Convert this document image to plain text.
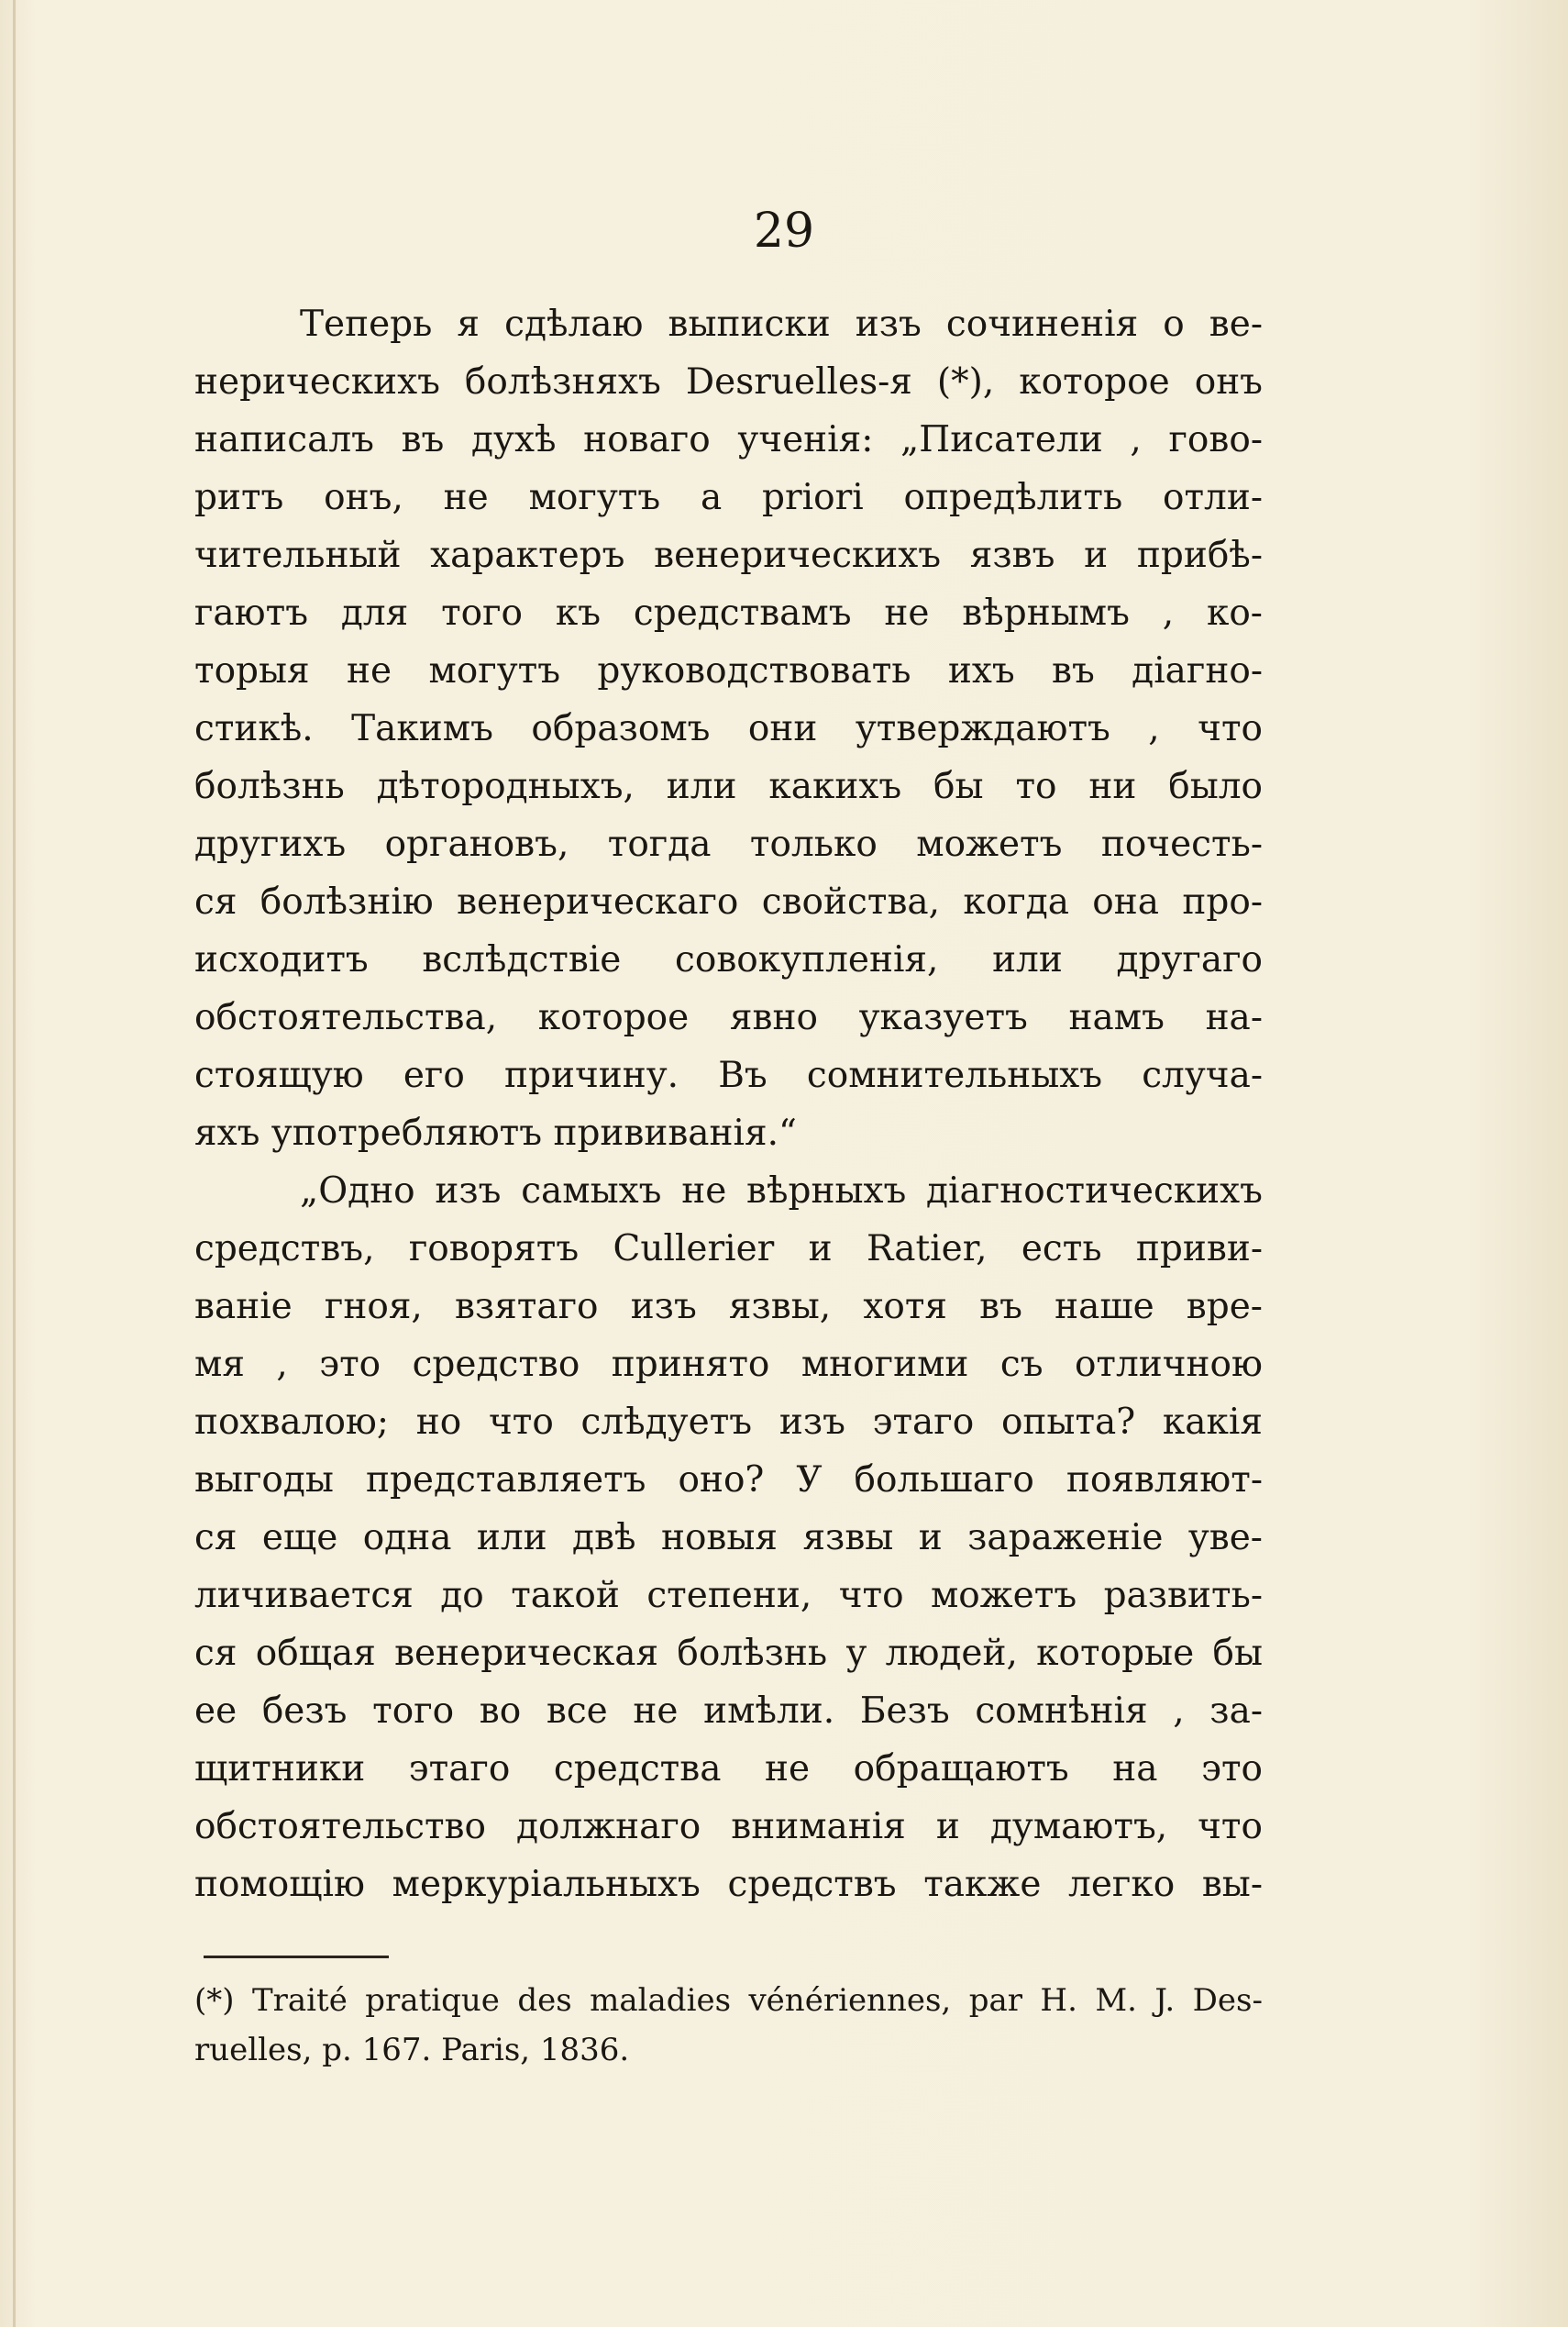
29
Теперь я сдѣлаю выписки изъ сочиненія о ве-
нерическихъ болѣзняхъ Desruelles-я (*), которое онъ
написалъ въ духѣ новаго ученія: „Писатели , гово-
ритъ онъ, не могутъ a priori опредѣлить отли-
чительный характеръ венерическихъ язвъ и прибѣ-
гаютъ для того къ средствамъ не вѣрнымъ , ко-
торыя не могутъ руководствовать ихъ въ діагно-
стикѣ. Такимъ образомъ они утверждаютъ , что
болѣзнь дѣтородныхъ, или какихъ бы то ни было
другихъ органовъ, тогда только можетъ почесть-
ся болѣзнію венерическаго свойства, когда она про-
исходитъ вслѣдствіе совокупленія, или другаго
обстоятельства, которое явно указуетъ намъ на-
стоящую его причину. Въ сомнительныхъ случа-
яхъ употребляютъ прививанія.“
„Одно изъ самыхъ не вѣрныхъ діагностическихъ
средствъ, говорятъ Cullerier и Ratier, есть приви-
ваніе гноя, взятаго изъ язвы, хотя въ наше вре-
мя , это средство принято многими съ отличною
похвалою; но что слѣдуетъ изъ этаго опыта? какія
выгоды представляетъ оно? У большаго появляют-
ся еще одна или двѣ новыя язвы и зараженіе уве-
личивается до такой степени, что можетъ развить-
ся общая венерическая болѣзнь у людей, которые бы
ее безъ того во все не имѣли. Безъ сомнѣнія , за-
щитники этаго средства не обращаютъ на это
обстоятельство должнаго вниманія и думаютъ, что
помощію меркуріальныхъ средствъ также легко вы-
(*) Traité pratique des maladies vénériennes, par H. M. J. Des-
ruelles, p. 167. Paris, 1836.
